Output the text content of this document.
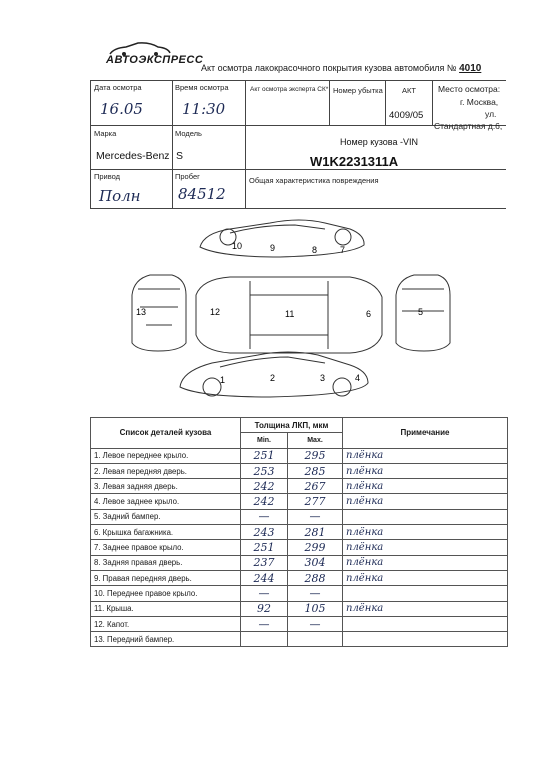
АВТОЭКСПРЕСС
Акт осмотра лакокрасочного покрытия кузова автомобиля № 4010
Дата осмотра
16.05
Время осмотра
11:30
Акт осмотра эксперта СК* Номер убытка	АКТ
4009/05
Место осмотра:
г. Москва,
ул.
Стандартная д.6,
Марка
Mercedes-Benz
Модель
S
Номер кузова -VIN
W1K2231311A
Привод
Полн
Пробег
84512
Общая характеристика повреждения
10	9	8	7
13	12	11	6	5
1	2	3	4
Список деталей кузова	Толщина ЛКП, мкм		Примечание
	Min.	Max.	
1. Левое переднее крыло.	251	295	плёнка
2. Левая передняя дверь.	253	285	плёнка
3. Левая задняя дверь.	242	267	плёнка
4. Левое заднее крыло.	242	277	плёнка
5. Задний бампер.	—	—	
6. Крышка багажника.	243	281	плёнка
7. Заднее правое крыло.	251	299	плёнка
8. Задняя правая дверь.	237	304	плёнка
9. Правая передняя дверь.	244	288	плёнка
10. Переднее правое крыло.	—	—	
11. Крыша.	92	105	плёнка
12. Капот.	—	—	
13. Передний бампер.			
